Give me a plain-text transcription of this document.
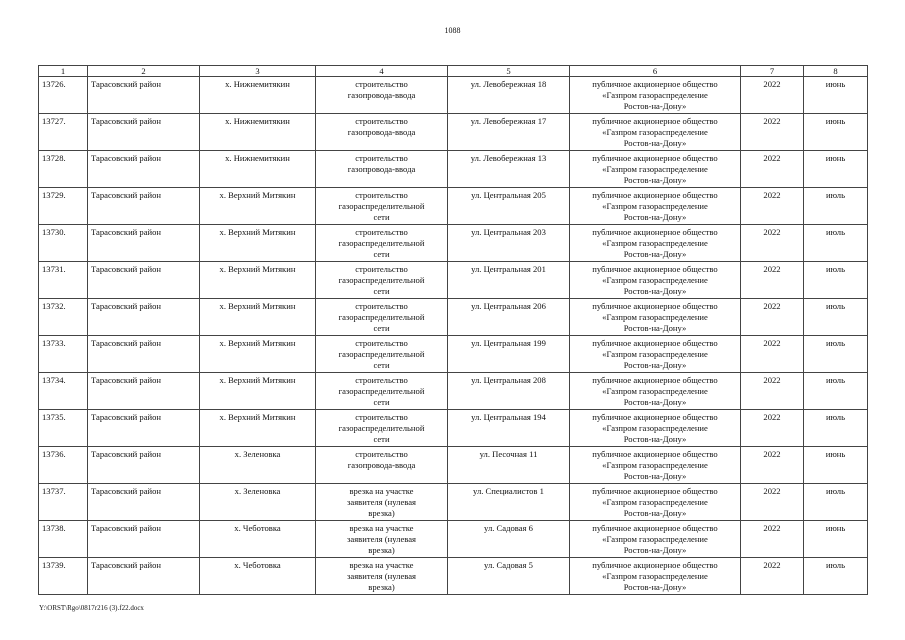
1088
1	2	3	4	5	6	7	8
13726.	Тарасовский район	х. Нижнемитякин	строительство
газопровода-ввода	ул. Левобережная 18	публичное акционерное общество
«Газпром газораспределение
Ростов-на-Дону»	2022	июнь
13727.	Тарасовский район	х. Нижнемитякин	строительство
газопровода-ввода	ул. Левобережная 17	публичное акционерное общество
«Газпром газораспределение
Ростов-на-Дону»	2022	июнь
13728.	Тарасовский район	х. Нижнемитякин	строительство
газопровода-ввода	ул. Левобережная 13	публичное акционерное общество
«Газпром газораспределение
Ростов-на-Дону»	2022	июнь
13729.	Тарасовский район	х. Верхний Митякин	строительство
газораспределительной
сети	ул. Центральная 205	публичное акционерное общество
«Газпром газораспределение
Ростов-на-Дону»	2022	июль
13730.	Тарасовский район	х. Верхний Митякин	строительство
газораспределительной
сети	ул. Центральная 203	публичное акционерное общество
«Газпром газораспределение
Ростов-на-Дону»	2022	июль
13731.	Тарасовский район	х. Верхний Митякин	строительство
газораспределительной
сети	ул. Центральная 201	публичное акционерное общество
«Газпром газораспределение
Ростов-на-Дону»	2022	июль
13732.	Тарасовский район	х. Верхний Митякин	строительство
газораспределительной
сети	ул. Центральная 206	публичное акционерное общество
«Газпром газораспределение
Ростов-на-Дону»	2022	июль
13733.	Тарасовский район	х. Верхний Митякин	строительство
газораспределительной
сети	ул. Центральная 199	публичное акционерное общество
«Газпром газораспределение
Ростов-на-Дону»	2022	июль
13734.	Тарасовский район	х. Верхний Митякин	строительство
газораспределительной
сети	ул. Центральная 208	публичное акционерное общество
«Газпром газораспределение
Ростов-на-Дону»	2022	июль
13735.	Тарасовский район	х. Верхний Митякин	строительство
газораспределительной
сети	ул. Центральная 194	публичное акционерное общество
«Газпром газораспределение
Ростов-на-Дону»	2022	июль
13736.	Тарасовский район	х. Зеленовка	строительство
газопровода-ввода	ул. Песочная 11	публичное акционерное общество
«Газпром газораспределение
Ростов-на-Дону»	2022	июнь
13737.	Тарасовский район	х. Зеленовка	врезка на участке
заявителя (нулевая
врезка)	ул. Специалистов 1	публичное акционерное общество
«Газпром газораспределение
Ростов-на-Дону»	2022	июль
13738.	Тарасовский район	х. Чеботовка	врезка на участке
заявителя (нулевая
врезка)	ул. Садовая 6	публичное акционерное общество
«Газпром газораспределение
Ростов-на-Дону»	2022	июнь
13739.	Тарасовский район	х. Чеботовка	врезка на участке
заявителя (нулевая
врезка)	ул. Садовая 5	публичное акционерное общество
«Газпром газораспределение
Ростов-на-Дону»	2022	июль
Y:\ORST\Rgo\0817r216 (3).f22.docx
